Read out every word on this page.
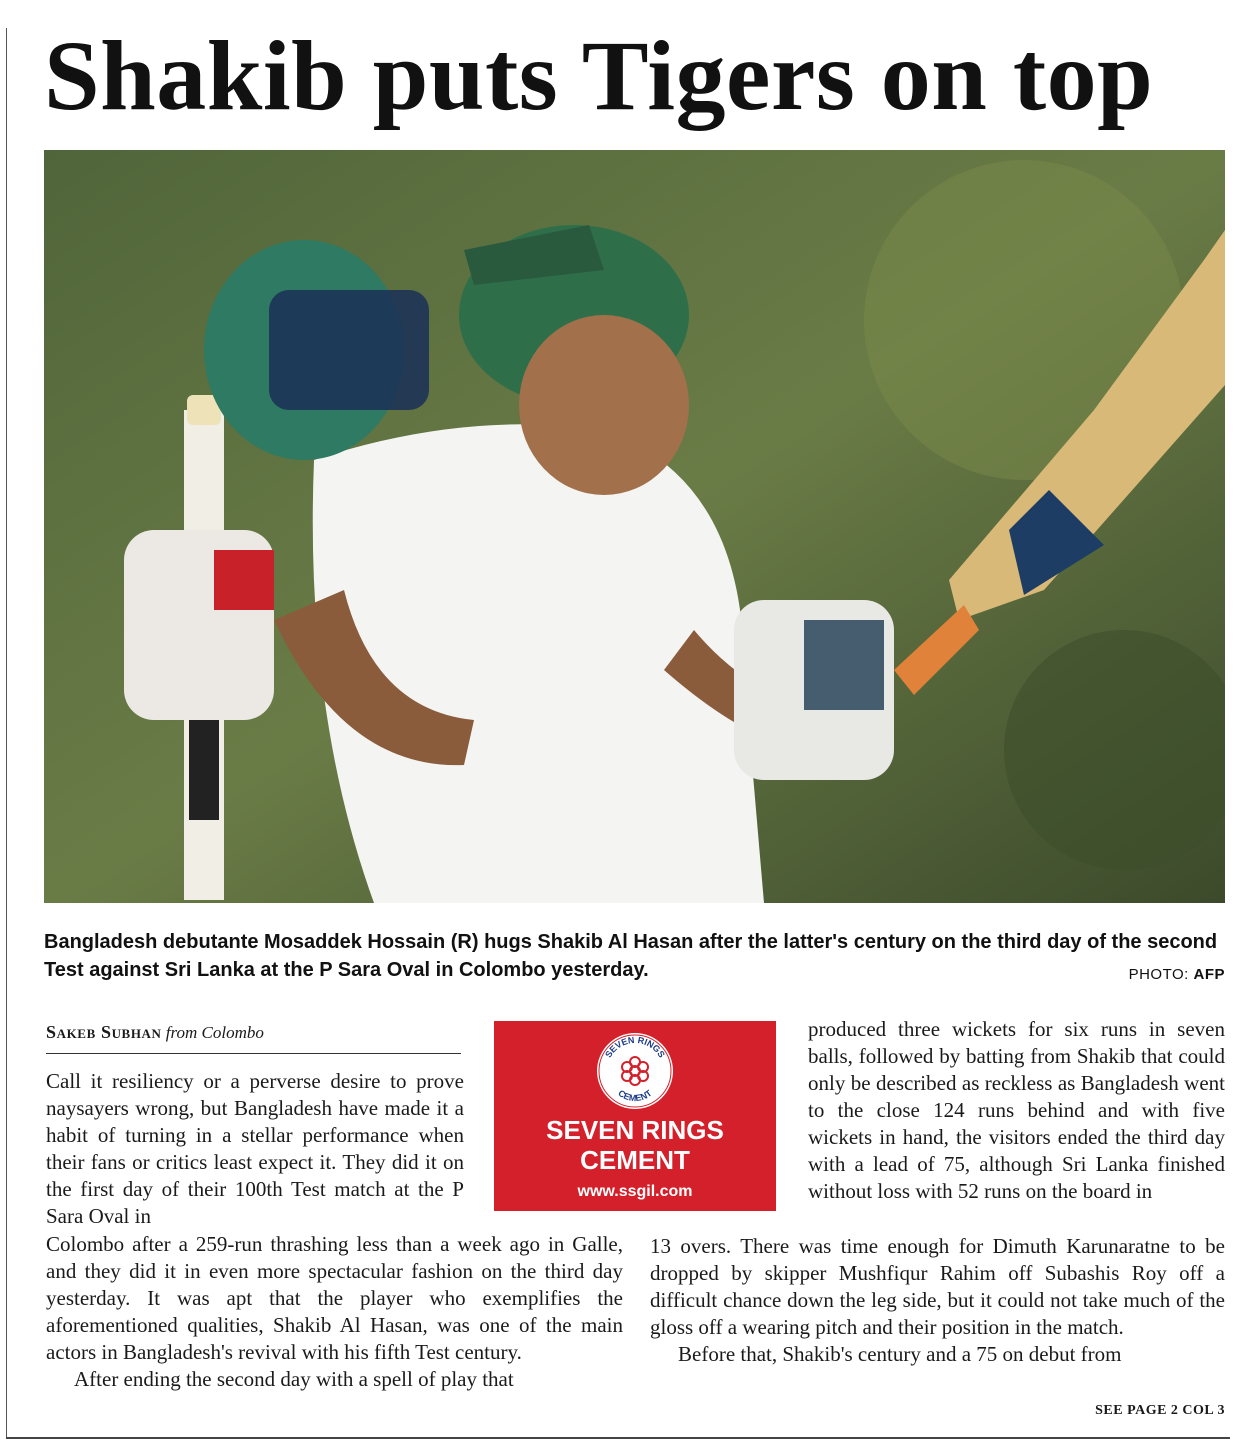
Shakib puts Tigers on top

Bangladesh debutante Mosaddek Hossain (R) hugs Shakib Al Hasan after the latter's century on the third day of the second Test against Sri Lanka at the P Sara Oval in Colombo yesterday.	PHOTO: AFP
Sakeb Subhan from Colombo

Call it resiliency or a perverse desire to prove naysayers wrong, but Bangladesh have made it a habit of turning in a stellar performance when their fans or critics least expect it. They did it on the first day of their 100th Test match at the P Sara Oval in

Colombo after a 259-run thrashing less than a week ago in Galle, and they did it in even more spectacular fashion on the third day yesterday. It was apt that the player who exemplifies the aforementioned qualities, Shakib Al Hasan, was one of the main actors in Bangladesh's revival with his fifth Test century.

After ending the second day with a spell of play that

SEVEN RINGS
CEMENT
SEVEN RINGS
CEMENT
www.ssgil.com

produced three wickets for six runs in seven balls, followed by batting from Shakib that could only be described as reckless as Bangladesh went to the close 124 runs behind and with five wickets in hand, the visitors ended the third day with a lead of 75, although Sri Lanka finished without loss with 52 runs on the board in

13 overs. There was time enough for Dimuth Karunaratne to be dropped by skipper Mushfiqur Rahim off Subashis Roy off a difficult chance down the leg side, but it could not take much of the gloss off a wearing pitch and their position in the match.

Before that, Shakib's century and a 75 on debut from

SEE PAGE 2 COL 3
